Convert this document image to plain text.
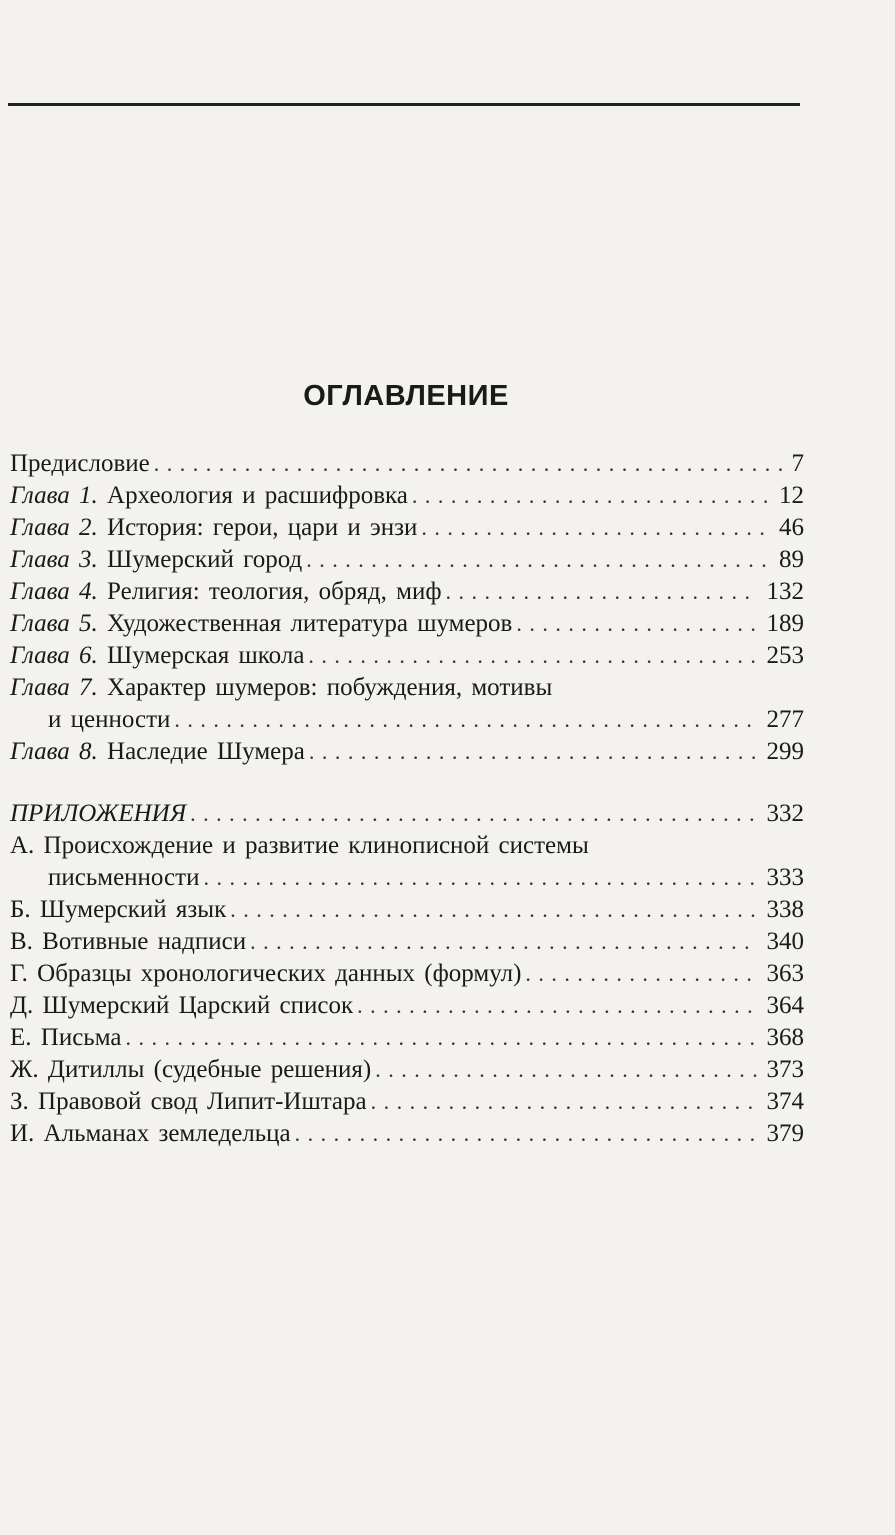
ОГЛАВЛЕНИЕ
Предисловие . . .	7
Глава 1. Археология и расшифровка . . .	12
Глава 2. История: герои, цари и энзи . . .	46
Глава 3. Шумерский город . . .	89
Глава 4. Религия: теология, обряд, миф . . .	132
Глава 5. Художественная литература шумеров . . .	189
Глава 6. Шумерская школа . . .	253
Глава 7. Характер шумеров: побуждения, мотивы
и ценности . . .	277
Глава 8. Наследие Шумера . . .	299
ПРИЛОЖЕНИЯ . . .	332
А. Происхождение и развитие клинописной системы
письменности . . .	333
Б. Шумерский язык . . .	338
В. Вотивные надписи . . .	340
Г. Образцы хронологических данных (формул) . . .	363
Д. Шумерский Царский список . . .	364
Е. Письма . . .	368
Ж. Дитиллы (судебные решения) . . .	373
З. Правовой свод Липит-Иштара . . .	374
И. Альманах земледельца . . .	379
